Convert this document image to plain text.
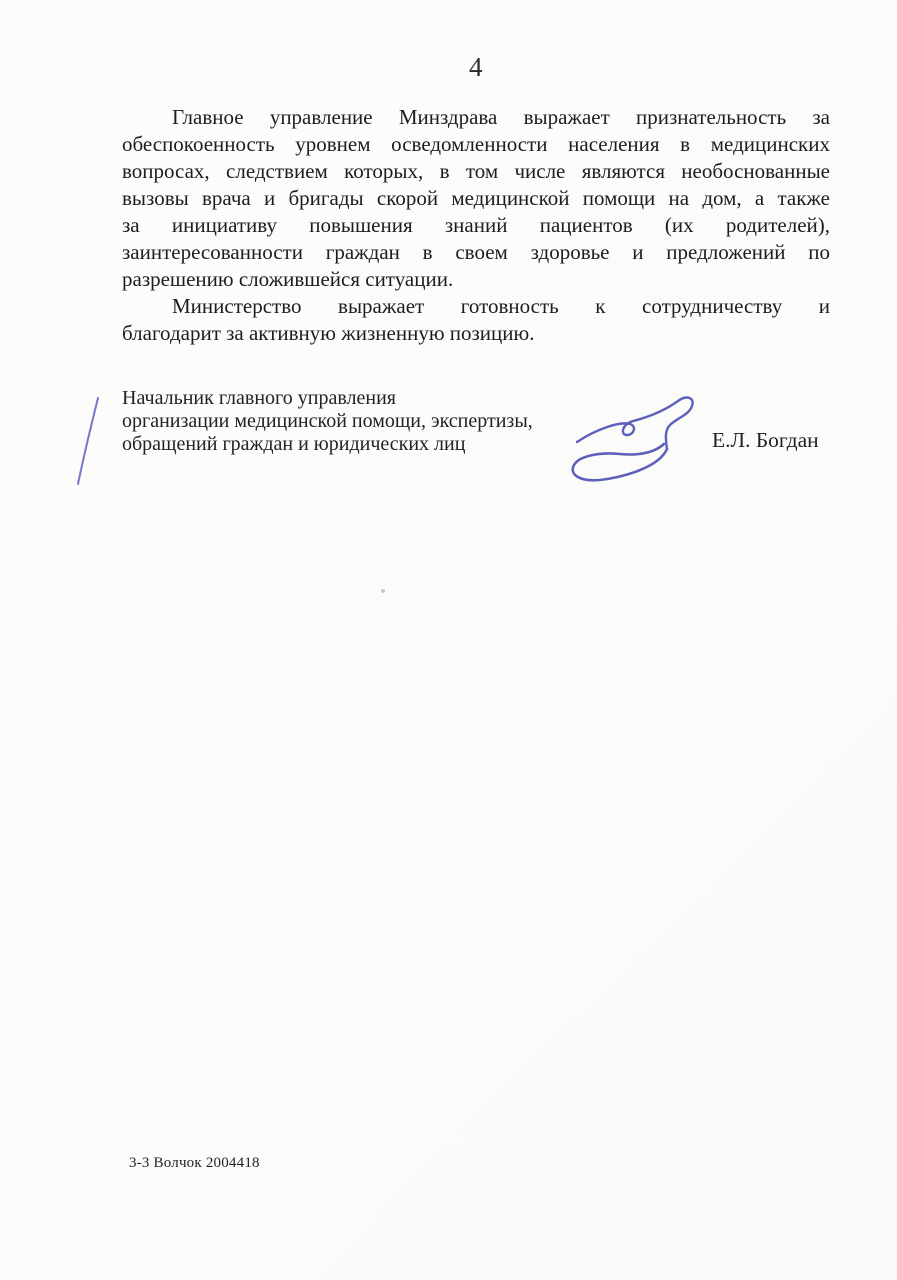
4
Главное управление Минздрава выражает признательность за
обеспокоенность уровнем осведомленности населения в медицинских
вопросах, следствием которых, в том числе являются необоснованные
вызовы врача и бригады скорой медицинской помощи на дом, а также
за инициативу повышения знаний пациентов (их родителей),
заинтересованности граждан в своем здоровье и предложений по
разрешению сложившейся ситуации.
Министерство выражает готовность к сотрудничеству и
благодарит за активную жизненную позицию.
Начальник главного управления
организации медицинской помощи, экспертизы,
обращений граждан и юридических лиц	Е.Л. Богдан
3-3 Волчок 2004418
